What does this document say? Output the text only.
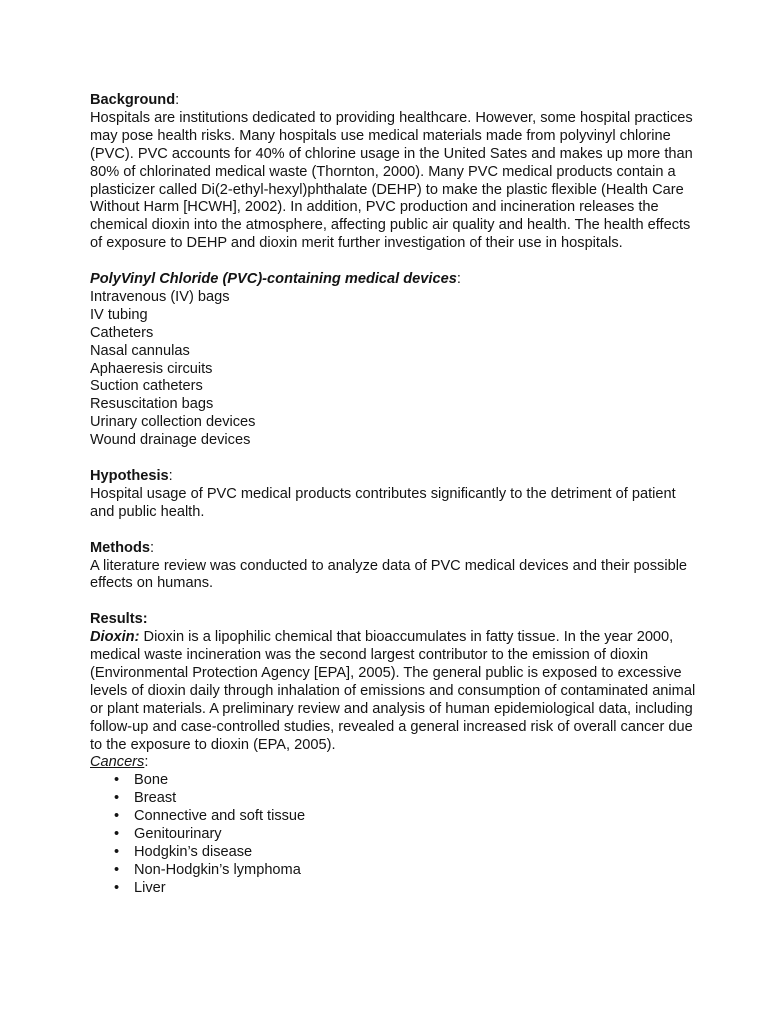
Background:

Hospitals are institutions dedicated to providing healthcare. However, some hospital practices may pose health risks. Many hospitals use medical materials made from polyvinyl chlorine (PVC). PVC accounts for 40% of chlorine usage in the United Sates and makes up more than 80% of chlorinated medical waste (Thornton, 2000). Many PVC medical products contain a plasticizer called Di(2-ethyl-hexyl)phthalate (DEHP) to make the plastic flexible (Health Care Without Harm [HCWH], 2002). In addition, PVC production and incineration releases the chemical dioxin into the atmosphere, affecting public air quality and health. The health effects of exposure to DEHP and dioxin merit further investigation of their use in hospitals.

PolyVinyl Chloride (PVC)-containing medical devices:
Intravenous (IV) bags
IV tubing
Catheters
Nasal cannulas
Aphaeresis circuits
Suction catheters
Resuscitation bags
Urinary collection devices
Wound drainage devices
Hypothesis:

Hospital usage of PVC medical products contributes significantly to the detriment of patient and public health.

Methods:

A literature review was conducted to analyze data of PVC medical devices and their possible effects on humans.

Results:

Dioxin: Dioxin is a lipophilic chemical that bioaccumulates in fatty tissue. In the year 2000, medical waste incineration was the second largest contributor to the emission of dioxin (Environmental Protection Agency [EPA], 2005). The general public is exposed to excessive levels of dioxin daily through inhalation of emissions and consumption of contaminated animal or plant materials. A preliminary review and analysis of human epidemiological data, including follow-up and case-controlled studies, revealed a general increased risk of overall cancer due to the exposure to dioxin (EPA, 2005).

Cancers:
• Bone
• Breast
• Connective and soft tissue
• Genitourinary
• Hodgkin’s disease
• Non-Hodgkin’s lymphoma
• Liver
